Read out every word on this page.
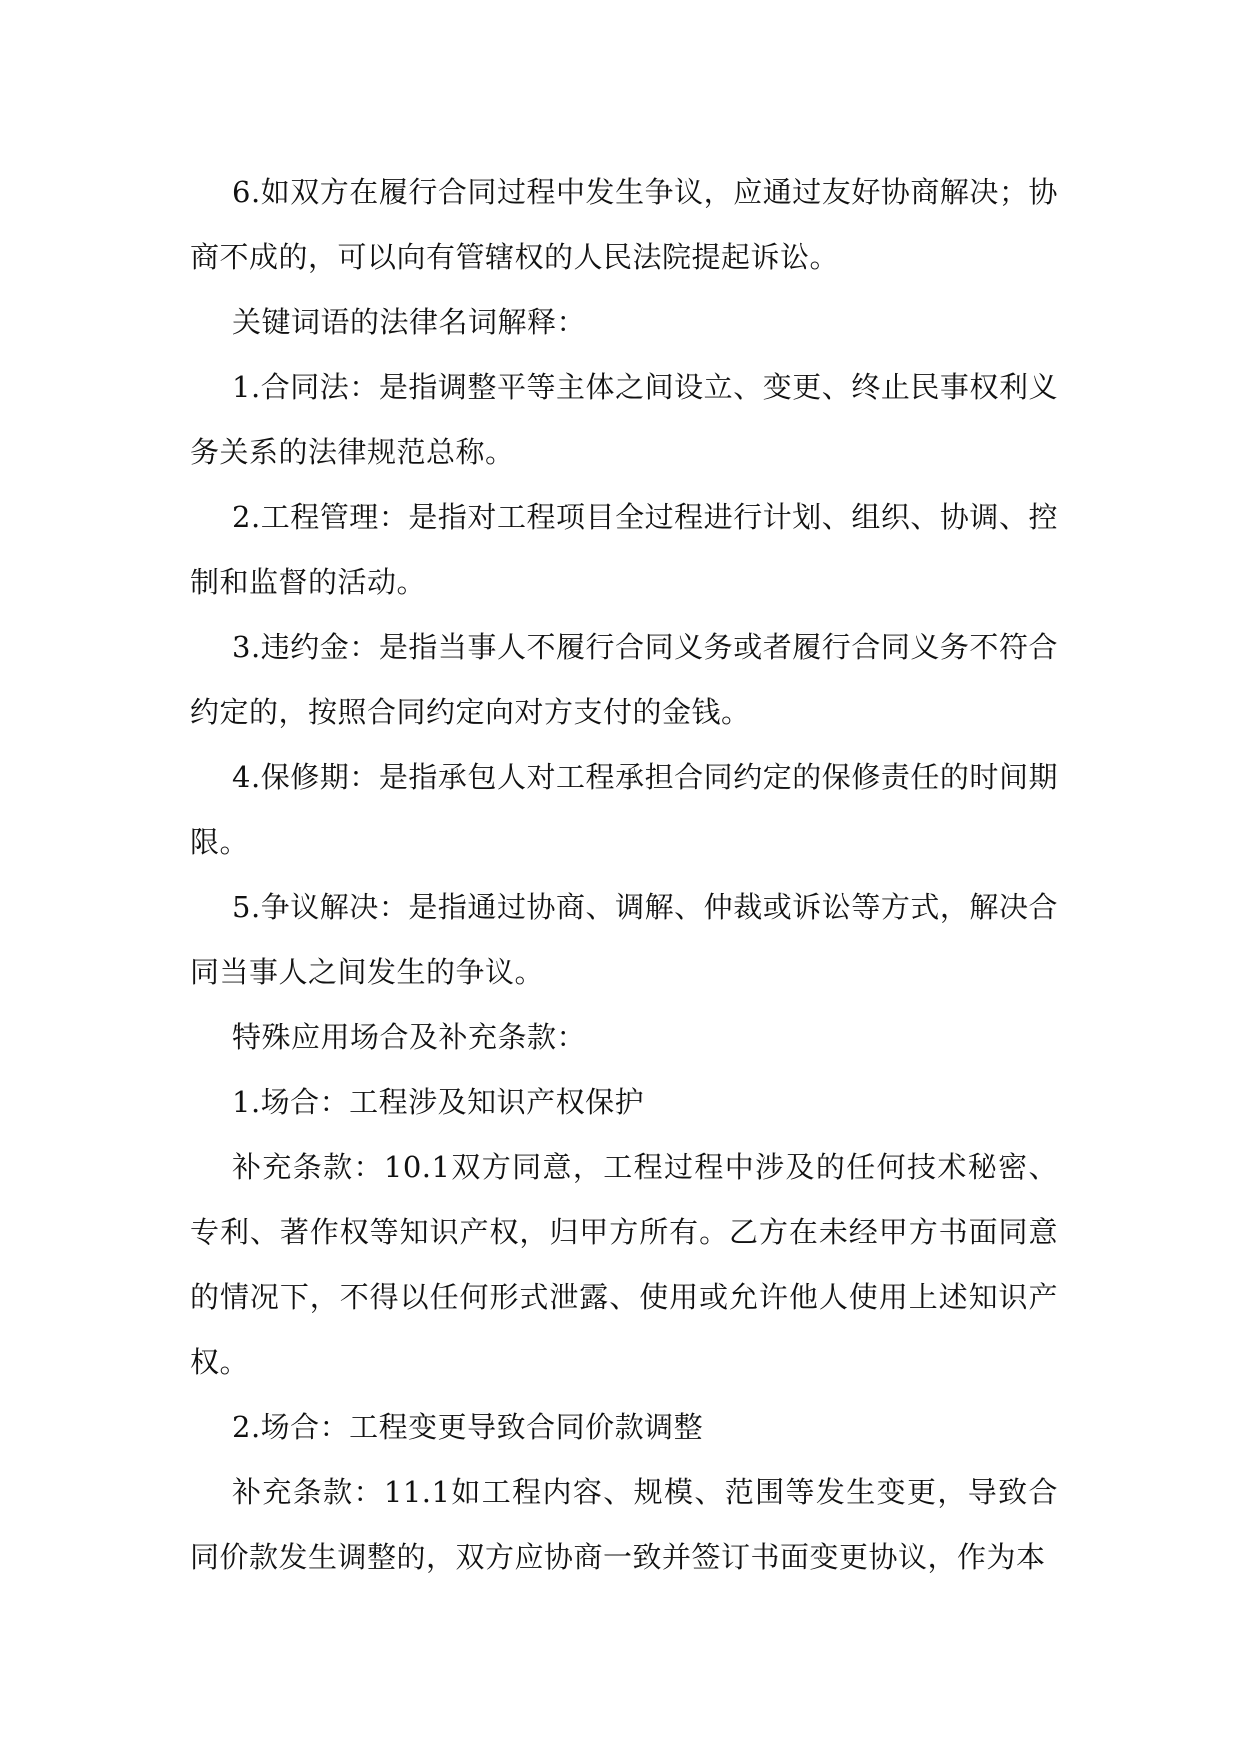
6.如双方在履行合同过程中发生争议，应通过友好协商解决；协商不成的，可以向有管辖权的人民法院提起诉讼。

关键词语的法律名词解释：

1.合同法：是指调整平等主体之间设立、变更、终止民事权利义务关系的法律规范总称。

2.工程管理：是指对工程项目全过程进行计划、组织、协调、控制和监督的活动。

3.违约金：是指当事人不履行合同义务或者履行合同义务不符合约定的，按照合同约定向对方支付的金钱。

4.保修期：是指承包人对工程承担合同约定的保修责任的时间期限。

5.争议解决：是指通过协商、调解、仲裁或诉讼等方式，解决合同当事人之间发生的争议。

特殊应用场合及补充条款：

1.场合：工程涉及知识产权保护

补充条款：10.1双方同意，工程过程中涉及的任何技术秘密、专利、著作权等知识产权，归甲方所有。乙方在未经甲方书面同意的情况下，不得以任何形式泄露、使用或允许他人使用上述知识产权。

2.场合：工程变更导致合同价款调整

补充条款：11.1如工程内容、规模、范围等发生变更，导致合同价款发生调整的，双方应协商一致并签订书面变更协议，作为本
